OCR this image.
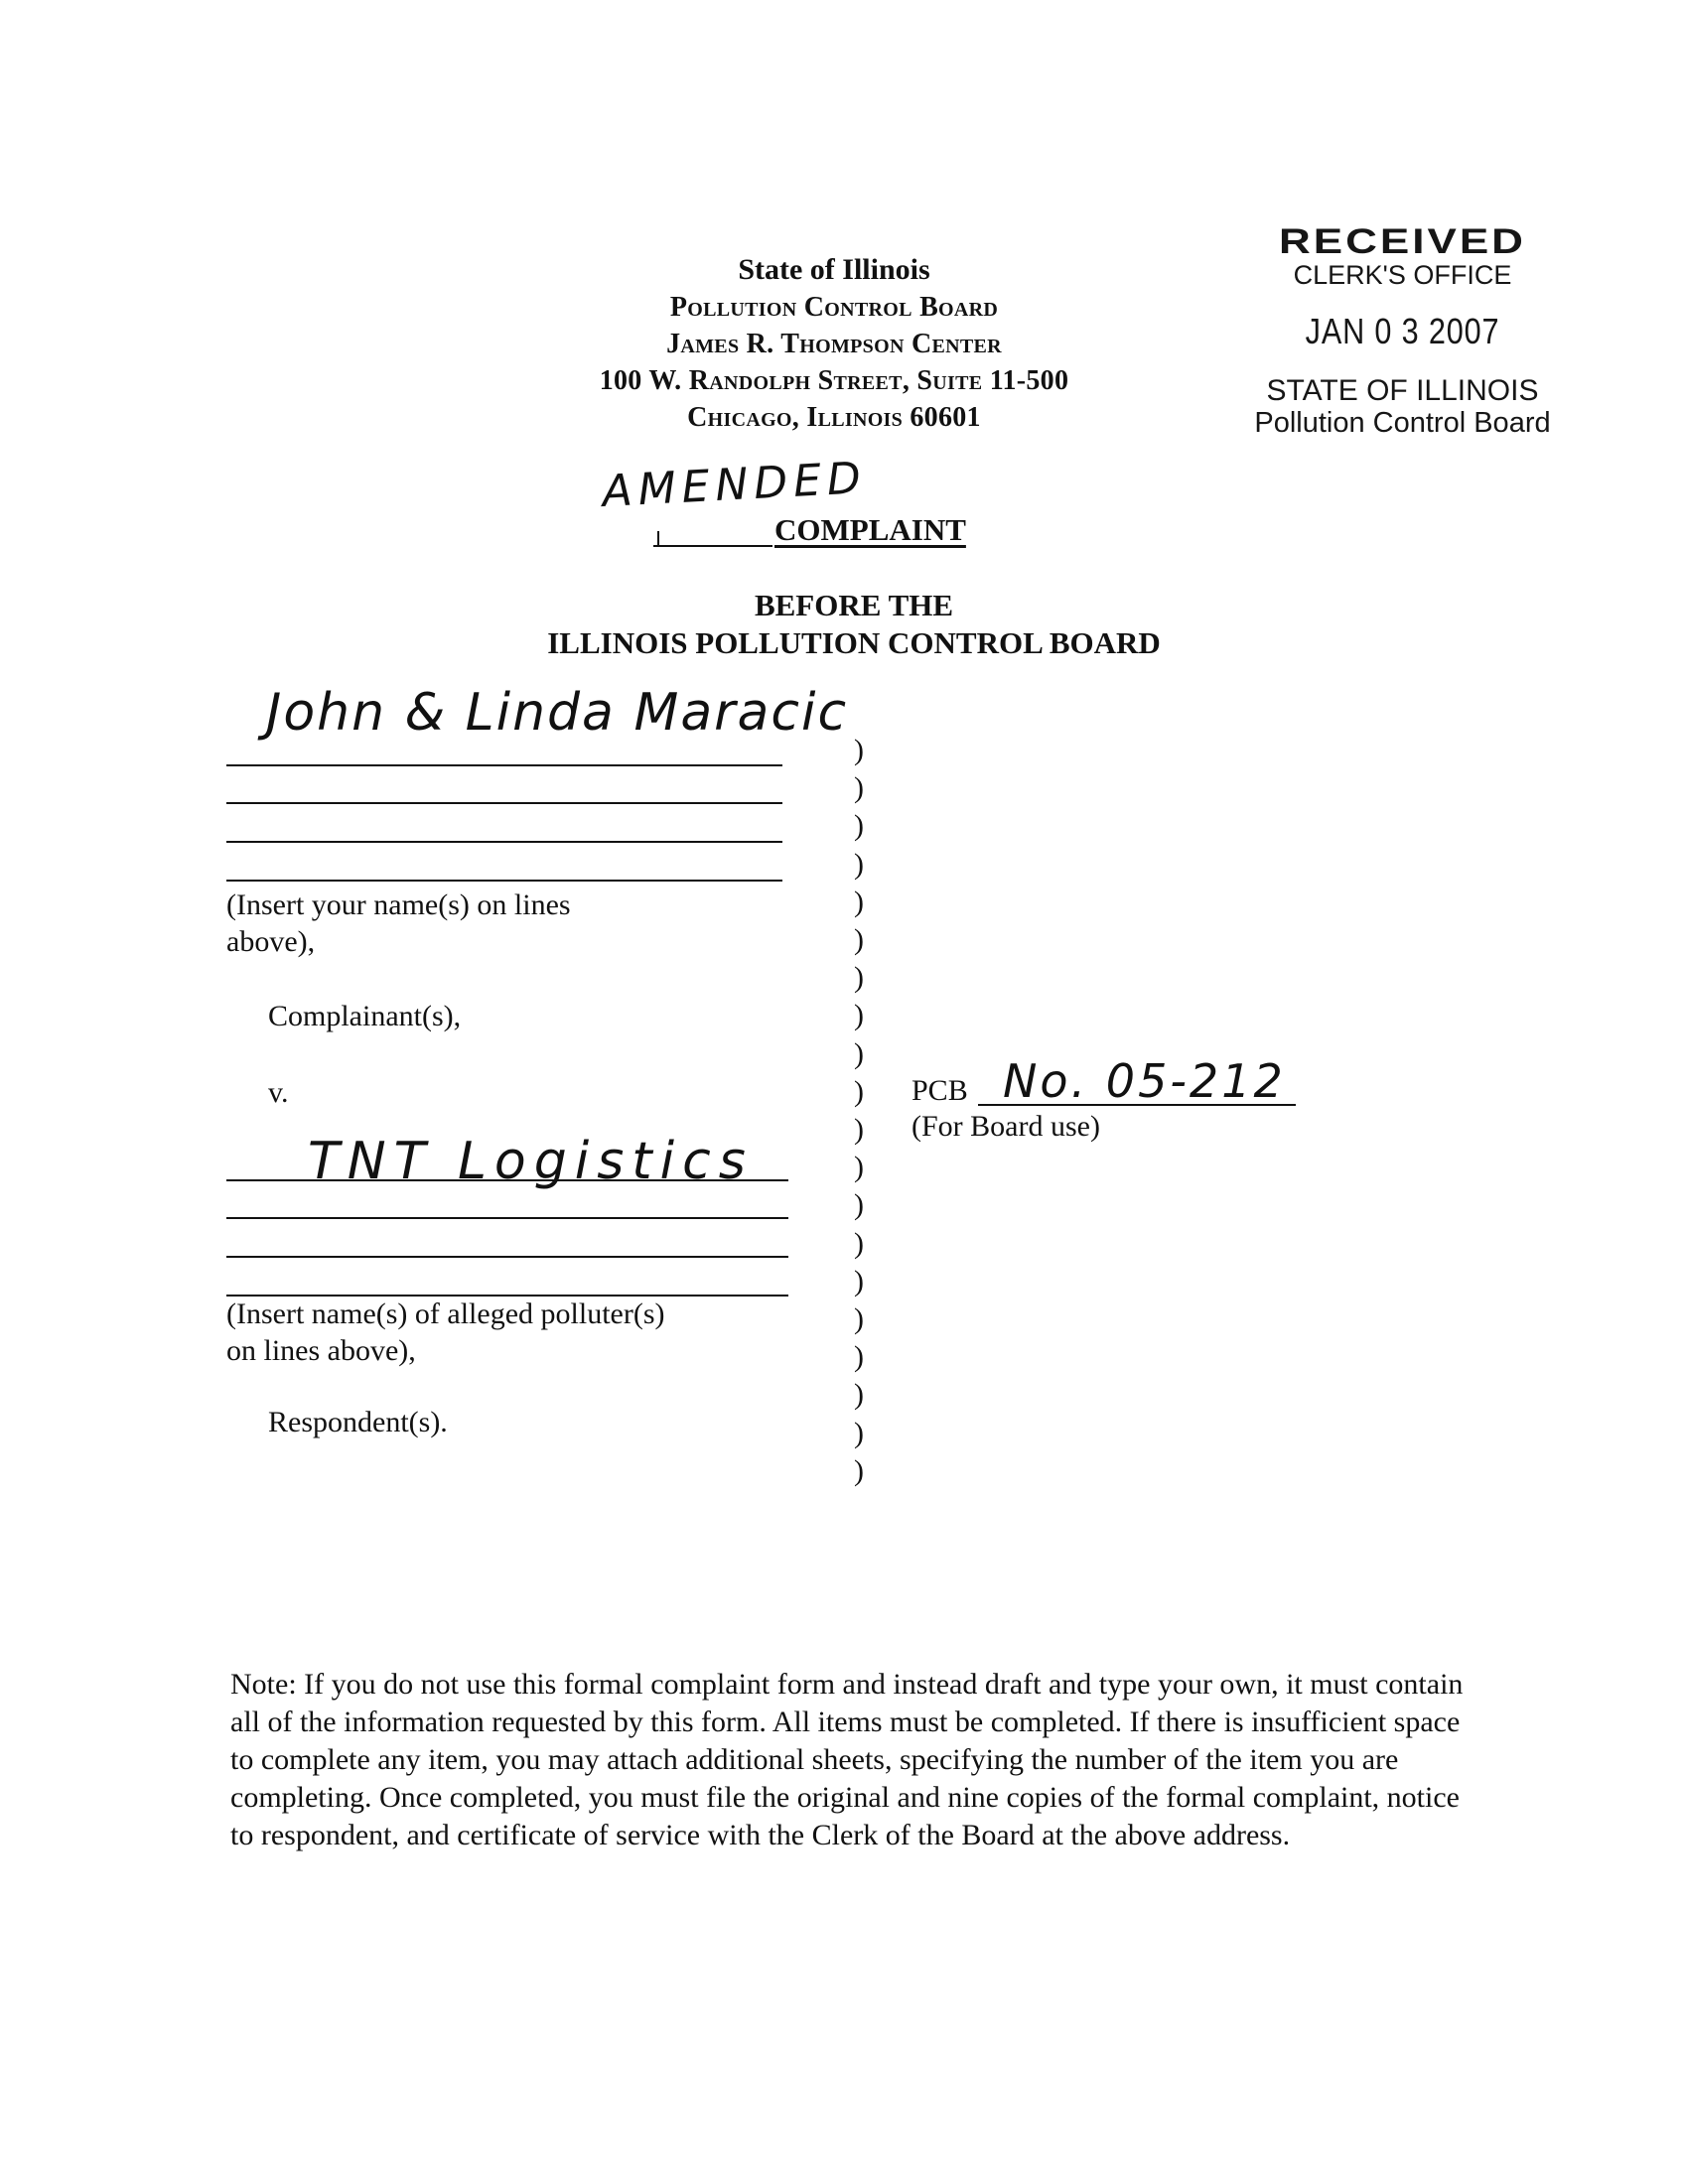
State of Illinois
Pollution Control Board
James R. Thompson Center
100 W. Randolph Street, Suite 11-500
Chicago, Illinois 60601
RECEIVED
CLERK'S OFFICE
JAN 0 3 2007
STATE OF ILLINOIS
Pollution Control Board
AMENDED
COMPLAINT
BEFORE THE
ILLINOIS POLLUTION CONTROL BOARD
John & Linda Maracic
(Insert your name(s) on lines
above),
Complainant(s),
v.
TNT Logistics
(Insert name(s) of alleged polluter(s)
on lines above),
Respondent(s).
)
)
)
)
)
)
)
)
)
)
)
)
)
)
)
)
)
)
)
)
PCB No. 05-212
(For Board use)
Note: If you do not use this formal complaint form and instead draft and type your own, it must contain all of the information requested by this form. All items must be completed. If there is insufficient space to complete any item, you may attach additional sheets, specifying the number of the item you are completing. Once completed, you must file the original and nine copies of the formal complaint, notice to respondent, and certificate of service with the Clerk of the Board at the above address.
